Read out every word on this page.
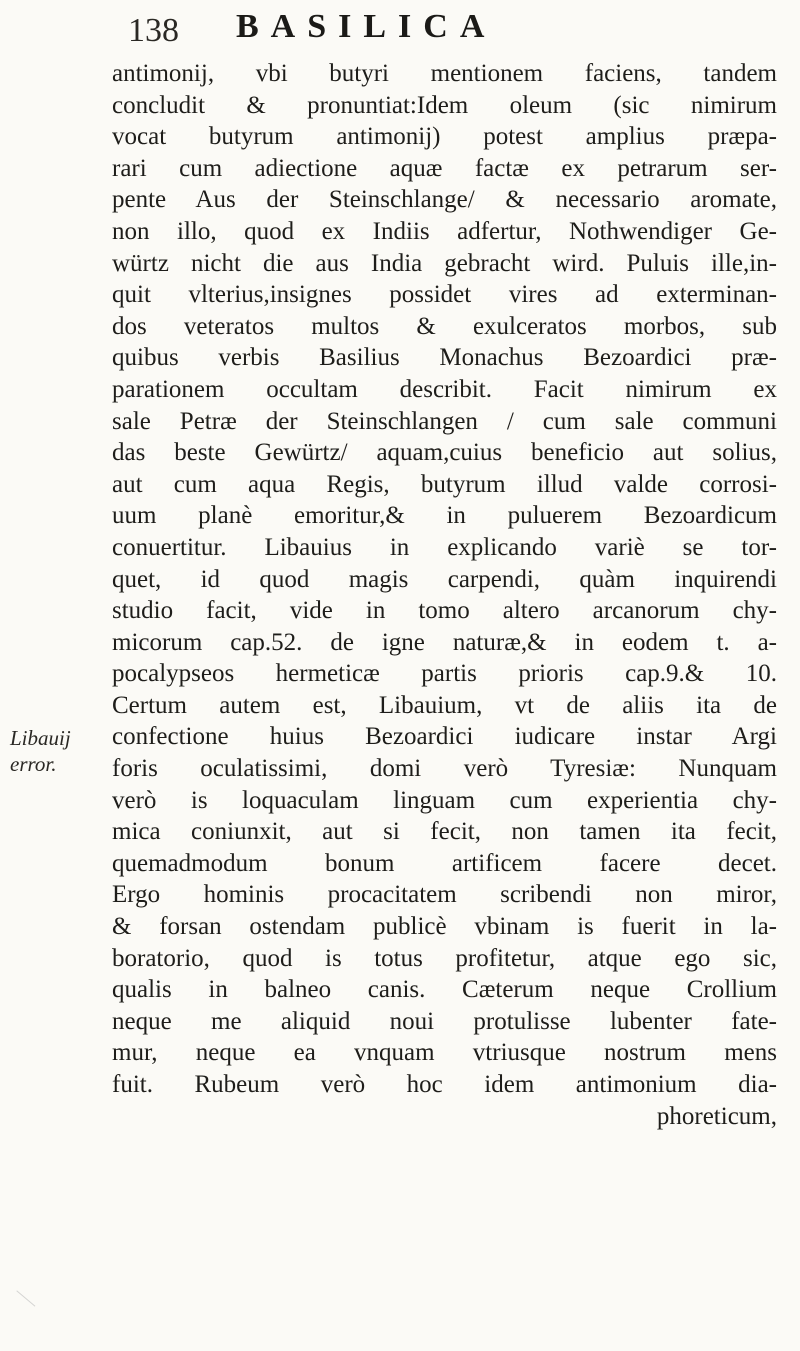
138 BASILICA
Libauij
error.
antimonij, vbi butyri mentionem faciens, tandem
concludit & pronuntiat:Idem oleum (sic nimirum
vocat butyrum antimonij) potest amplius præpa-
rari cum adiectione aquæ factæ ex petrarum ser-
pente Aus der Steinschlange/ & necessario aromate,
non illo, quod ex Indiis adfertur, Nothwendiger Ge-
würtz nicht die aus India gebracht wird. Puluis ille,in-
quit vlterius,insignes possidet vires ad exterminan-
dos veteratos multos & exulceratos morbos, sub
quibus verbis Basilius Monachus Bezoardici præ-
parationem occultam describit. Facit nimirum ex
sale Petræ der Steinschlangen / cum sale communi
das beste Gewürtz/ aquam,cuius beneficio aut solius,
aut cum aqua Regis, butyrum illud valde corrosi-
uum planè emoritur,& in puluerem Bezoardicum
conuertitur. Libauius in explicando variè se tor-
quet, id quod magis carpendi, quàm inquirendi
studio facit, vide in tomo altero arcanorum chy-
micorum cap.52. de igne naturæ,& in eodem t. a-
pocalypseos hermeticæ partis prioris cap.9.& 10.
Certum autem est, Libauium, vt de aliis ita de
confectione huius Bezoardici iudicare instar Argi
foris oculatissimi, domi verò Tyresiæ: Nunquam
verò is loquaculam linguam cum experientia chy-
mica coniunxit, aut si fecit, non tamen ita fecit,
quemadmodum bonum artificem facere decet.
Ergo hominis procacitatem scribendi non miror,
& forsan ostendam publicè vbinam is fuerit in la-
boratorio, quod is totus profitetur, atque ego sic,
qualis in balneo canis. Cæterum neque Crollium
neque me aliquid noui protulisse lubenter fate-
mur, neque ea vnquam vtriusque nostrum mens
fuit. Rubeum verò hoc idem antimonium dia-
phoreticum,
